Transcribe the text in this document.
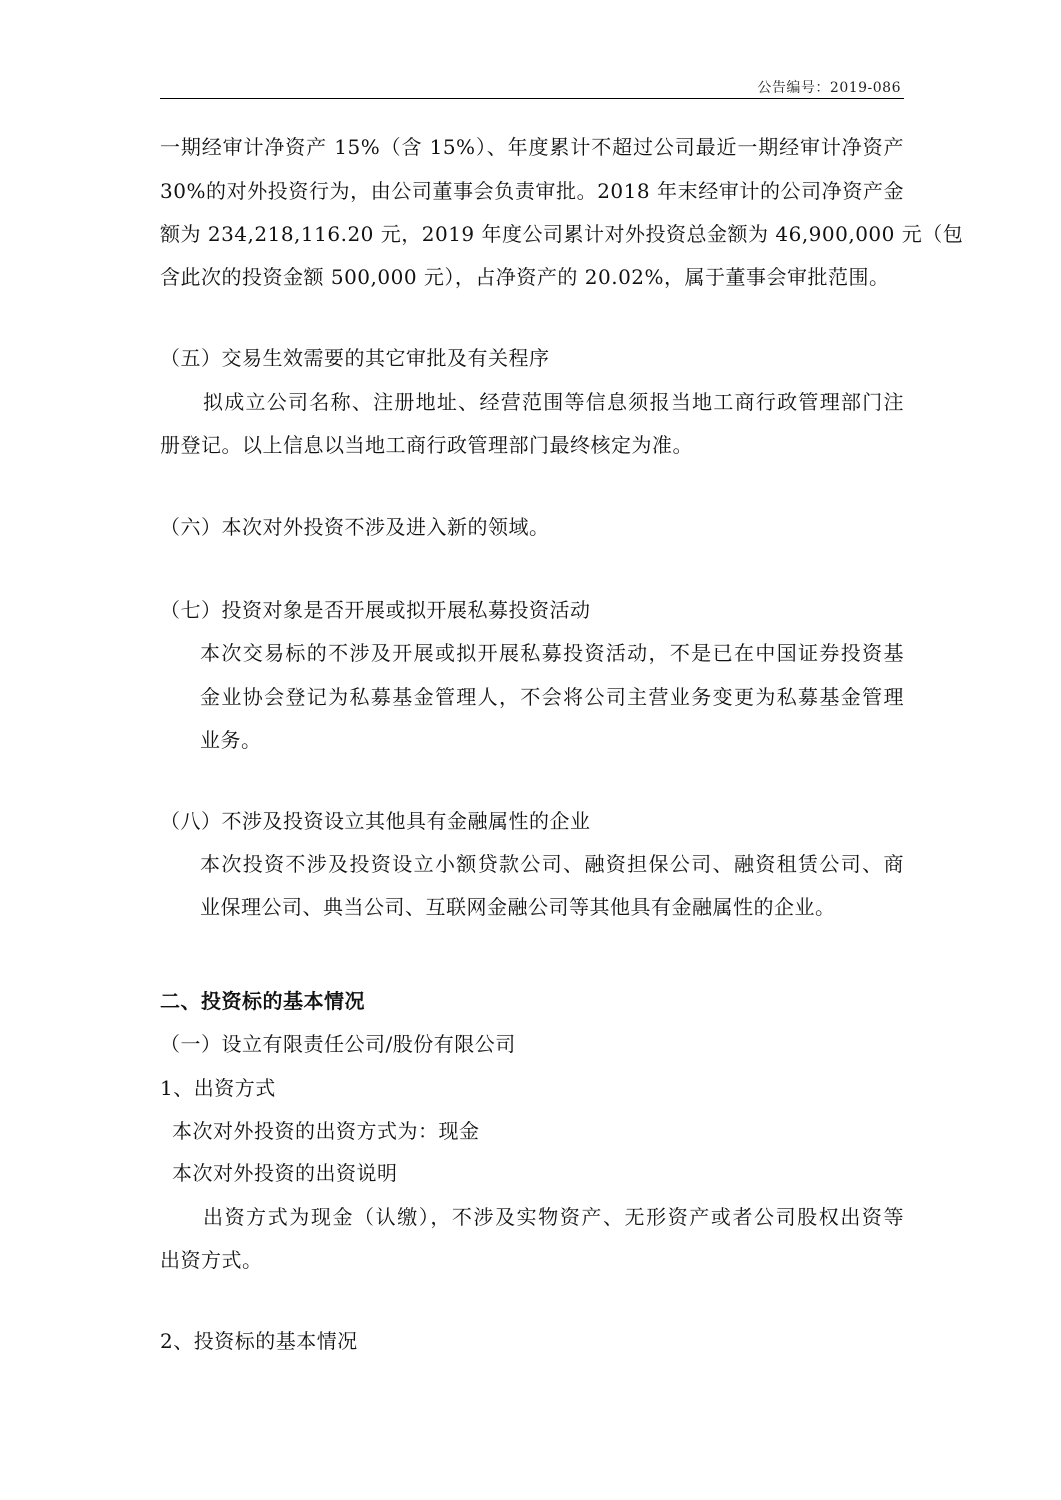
公告编号：2019-086
一期经审计净资产 15%（含 15%）、年度累计不超过公司最近一期经审计净资产
30%的对外投资行为，由公司董事会负责审批。2018 年末经审计的公司净资产金
额为 234,218,116.20 元，2019 年度公司累计对外投资总金额为 46,900,000 元（包
含此次的投资金额 500,000 元），占净资产的 20.02%，属于董事会审批范围。
（五）交易生效需要的其它审批及有关程序
拟成立公司名称、注册地址、经营范围等信息须报当地工商行政管理部门注
册登记。以上信息以当地工商行政管理部门最终核定为准。
（六）本次对外投资不涉及进入新的领域。
（七）投资对象是否开展或拟开展私募投资活动
本次交易标的不涉及开展或拟开展私募投资活动，不是已在中国证券投资基
金业协会登记为私募基金管理人，不会将公司主营业务变更为私募基金管理
业务。
（八）不涉及投资设立其他具有金融属性的企业
本次投资不涉及投资设立小额贷款公司、融资担保公司、融资租赁公司、商
业保理公司、典当公司、互联网金融公司等其他具有金融属性的企业。
二、投资标的基本情况
（一）设立有限责任公司/股份有限公司
1、出资方式
本次对外投资的出资方式为：现金
本次对外投资的出资说明
出资方式为现金（认缴），不涉及实物资产、无形资产或者公司股权出资等
出资方式。
2、投资标的基本情况
